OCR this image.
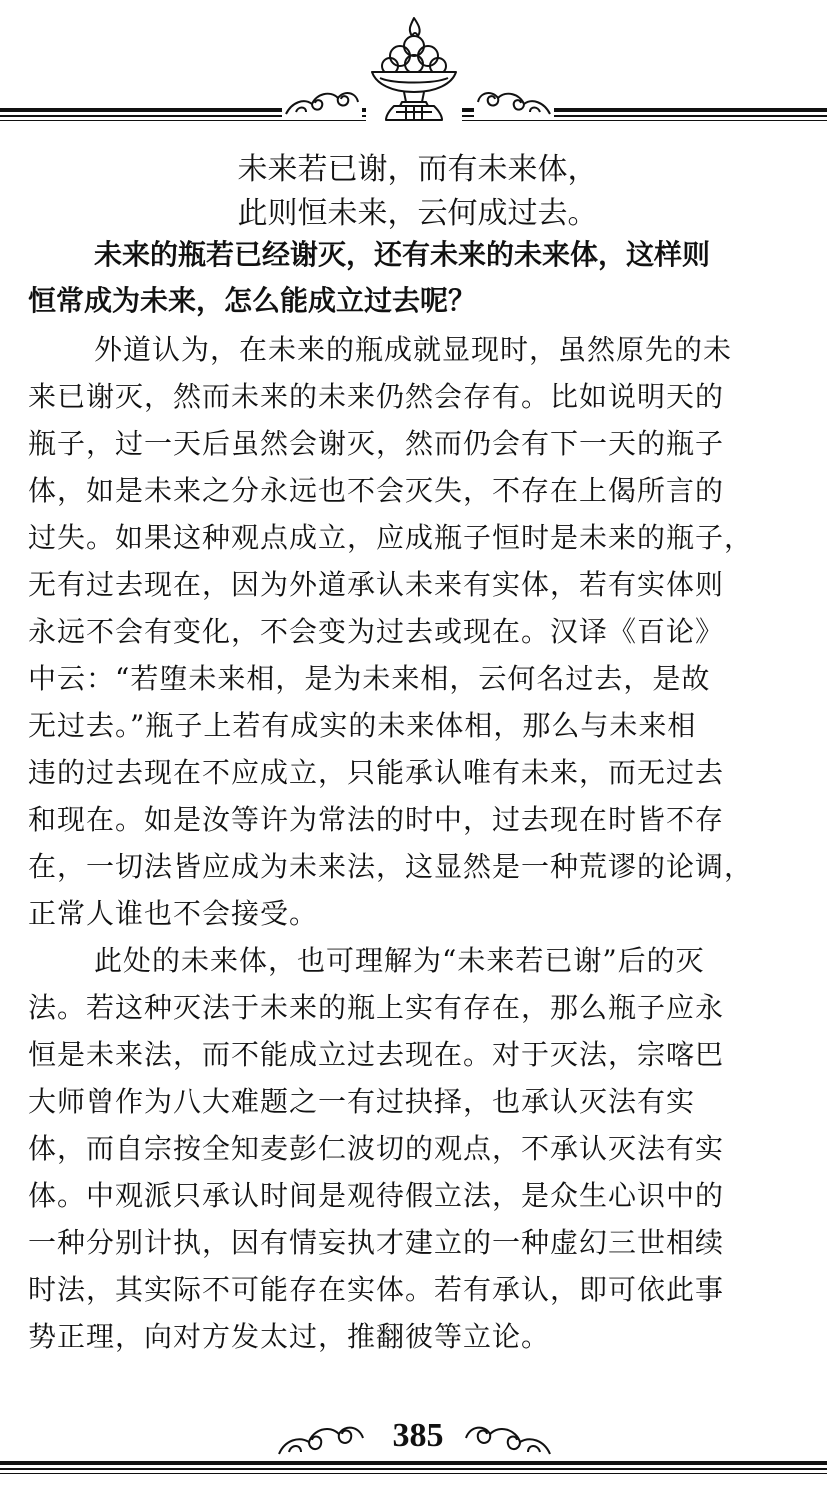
未来若已谢，而有未来体，
此则恒未来，云何成过去。
未来的瓶若已经谢灭，还有未来的未来体，这样则
恒常成为未来，怎么能成立过去呢？
外道认为，在未来的瓶成就显现时，虽然原先的未
来已谢灭，然而未来的未来仍然会存有。比如说明天的
瓶子，过一天后虽然会谢灭，然而仍会有下一天的瓶子
体，如是未来之分永远也不会灭失，不存在上偈所言的
过失。如果这种观点成立，应成瓶子恒时是未来的瓶子，
无有过去现在，因为外道承认未来有实体，若有实体则
永远不会有变化，不会变为过去或现在。汉译《百论》
中云：“若堕未来相，是为未来相，云何名过去，是故
无过去。”瓶子上若有成实的未来体相，那么与未来相
违的过去现在不应成立，只能承认唯有未来，而无过去
和现在。如是汝等许为常法的时中，过去现在时皆不存
在，一切法皆应成为未来法，这显然是一种荒谬的论调，
正常人谁也不会接受。
此处的未来体，也可理解为“未来若已谢”后的灭
法。若这种灭法于未来的瓶上实有存在，那么瓶子应永
恒是未来法，而不能成立过去现在。对于灭法，宗喀巴
大师曾作为八大难题之一有过抉择，也承认灭法有实
体，而自宗按全知麦彭仁波切的观点，不承认灭法有实
体。中观派只承认时间是观待假立法，是众生心识中的
一种分别计执，因有情妄执才建立的一种虚幻三世相续
时法，其实际不可能存在实体。若有承认，即可依此事
势正理，向对方发太过，推翻彼等立论。
385
